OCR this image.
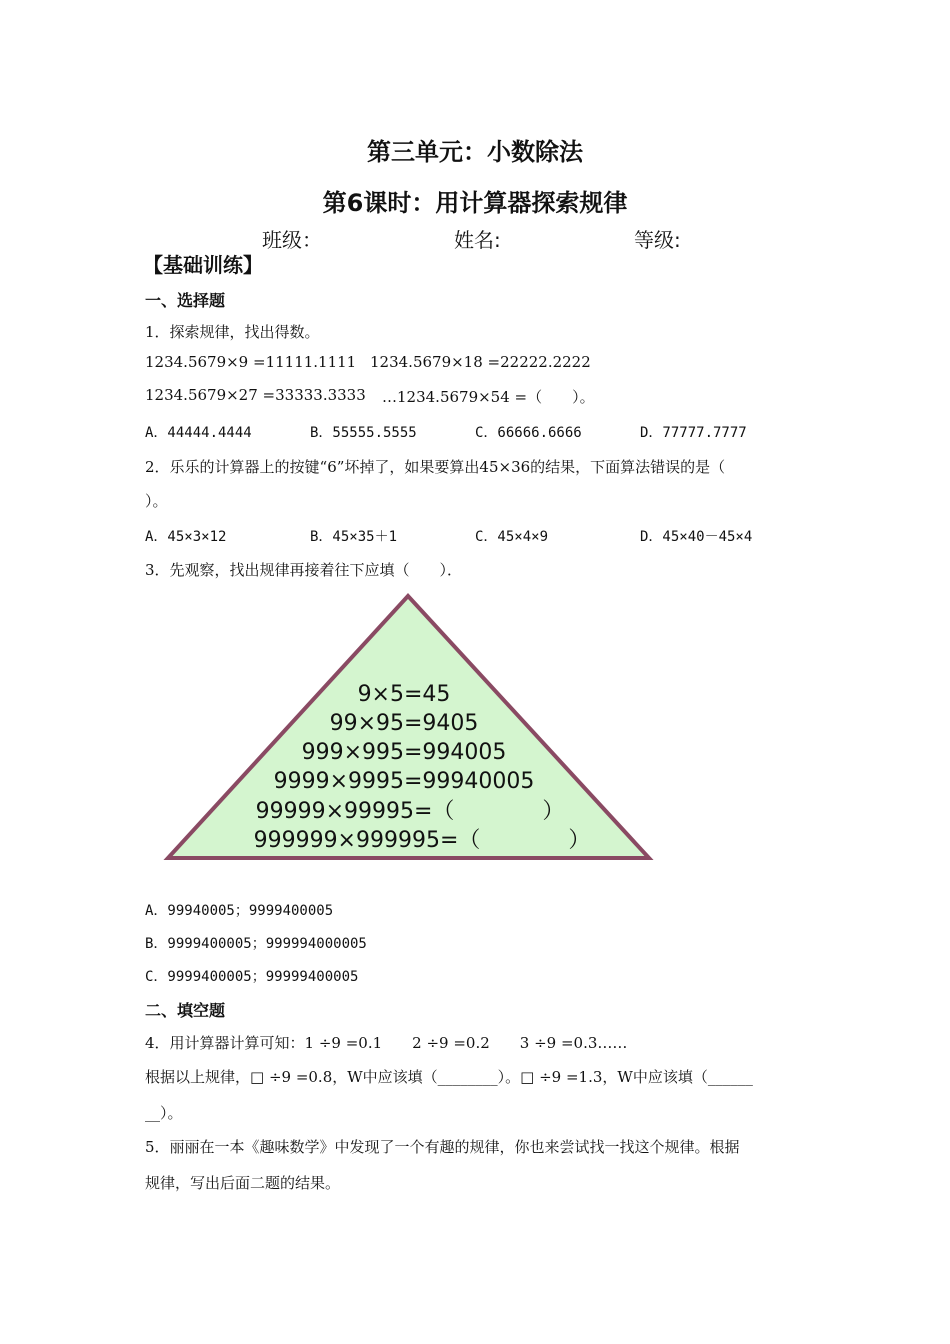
第三单元：小数除法
第6课时：用计算器探索规律
班级：	姓名:	等级:
【基础训练】
一、选择题
1．探索规律，找出得数。
1234.5679×9 =11111.1111 1234.5679×18 =22222.2222
1234.5679×27 =33333.3333 …1234.5679×54 =（　　）。
A．44444.4444	B．55555.5555	C．66666.6666	D．77777.7777
2．乐乐的计算器上的按键“6”坏掉了，如果要算出45×36的结果，下面算法错误的是（
）。
A．45×3×12	B．45×35＋1	C．45×4×9	D．45×40－45×4
3．先观察，找出规律再接着往下应填（　　）．
9×5=45
99×95=9405
999×995=994005
9999×9995=99940005
99999×99995=（　　　　）
999999×999995=（　　　　）
A．99940005；9999400005
B．9999400005；999994000005
C．9999400005；99999400005
二、填空题
4．用计算器计算可知：1 ÷9 =0.1　　2 ÷9 =0.2　　3 ÷9 =0.3……
根据以上规律，□ ÷9 =0.8，W中应该填（________）。□ ÷9 =1.3，W中应该填（______
__）。
5．丽丽在一本《趣味数学》中发现了一个有趣的规律，你也来尝试找一找这个规律。根据
规律，写出后面二题的结果。
